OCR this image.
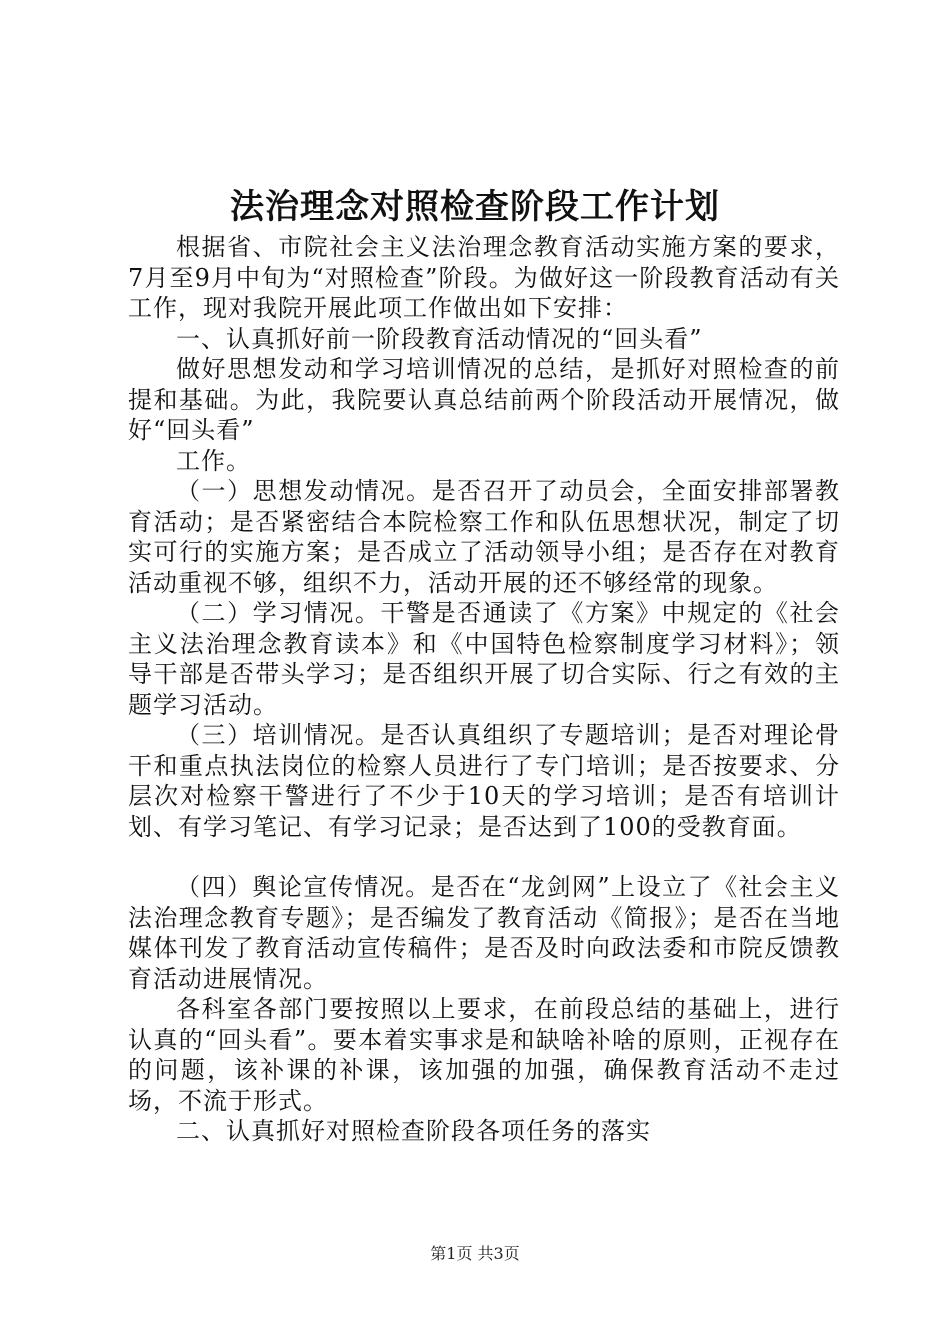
法治理念对照检查阶段工作计划

根据省、市院社会主义法治理念教育活动实施方案的要求，7月至9月中旬为“对照检查”阶段。为做好这一阶段教育活动有关工作，现对我院开展此项工作做出如下安排：

一、认真抓好前一阶段教育活动情况的“回头看”

做好思想发动和学习培训情况的总结，是抓好对照检查的前提和基础。为此，我院要认真总结前两个阶段活动开展情况，做好“回头看”

工作。

（一）思想发动情况。是否召开了动员会，全面安排部署教育活动；是否紧密结合本院检察工作和队伍思想状况，制定了切实可行的实施方案；是否成立了活动领导小组；是否存在对教育活动重视不够，组织不力，活动开展的还不够经常的现象。

（二）学习情况。干警是否通读了《方案》中规定的《社会主义法治理念教育读本》和《中国特色检察制度学习材料》；领导干部是否带头学习；是否组织开展了切合实际、行之有效的主题学习活动。

（三）培训情况。是否认真组织了专题培训；是否对理论骨干和重点执法岗位的检察人员进行了专门培训；是否按要求、分层次对检察干警进行了不少于10天的学习培训；是否有培训计划、有学习笔记、有学习记录；是否达到了100的受教育面。

（四）舆论宣传情况。是否在“龙剑网”上设立了《社会主义法治理念教育专题》；是否编发了教育活动《简报》；是否在当地媒体刊发了教育活动宣传稿件；是否及时向政法委和市院反馈教育活动进展情况。

各科室各部门要按照以上要求，在前段总结的基础上，进行认真的“回头看”。要本着实事求是和缺啥补啥的原则，正视存在的问题，该补课的补课，该加强的加强，确保教育活动不走过场，不流于形式。

二、认真抓好对照检查阶段各项任务的落实

第1页 共3页
